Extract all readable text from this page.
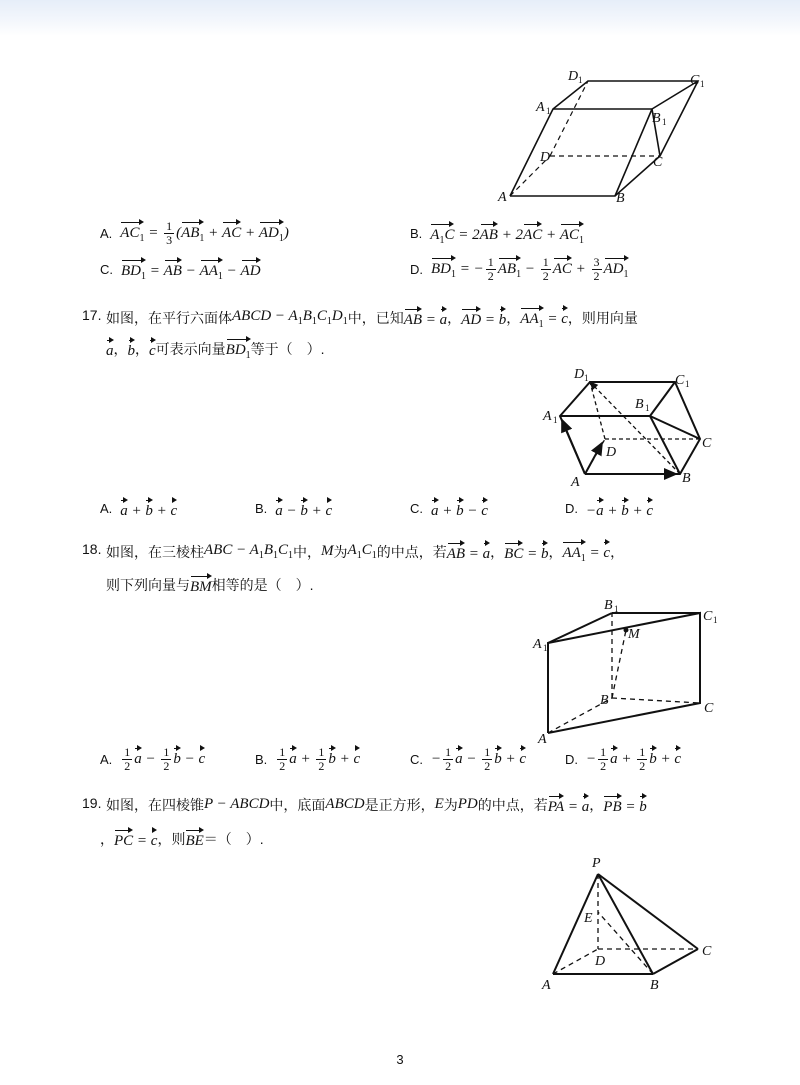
A	B
C
D
A 1	B 1
C 1
D 1
A. $AC_1 = \frac{1}{3} (AB_1$ + AC + $AD_1$)	B. $A_1C = 2AB + 2AC + AC_1$
C. $BD_1$ = AB − $AA_1$ − AD	D. $BD_1$ = − $\frac{1}{2} AB_1 - \frac{1}{2}$ AC + $\frac{3}{2} AD_1$
17. 如图，在平行六面体 ABCD − $A_1B_1C_1D_1$ 中，已知 AB = a ， AD = b ， $AA_1 = c$ ，则用向量
a ， b ， c 可表示向量 $BD_1$ 等于（　）.
A	B
C
D
A 1
B 1
C 1
D 1
A. a + b + c	B. a − b + c	C. a + b − c	D. −a + b + c
18. 如图，在三棱柱 ABC − $A_1B_1C_1$ 中， M 为 $A_1C_1$ 的中点，若 AB = a ， BC = b ， $AA_1 = c$ ，
则下列向量与 BM 相等的是（　）.
A
B
C
M
A 1
B 1	C 1
A. $\frac{1}{2}$ $a - \frac{1}{2}$ b − c	B. $\frac{1}{2}$ $a + \frac{1}{2}$ b + c	C. − $\frac{1}{2}$ $a - \frac{1}{2}$ b + c	D. − $\frac{1}{2}$ $a + \frac{1}{2}$ b + c
19. 如图，在四棱锥 P − ABCD 中，底面 ABCD 是正方形， E 为 PD 的中点，若 PA = a ， PB = b
， PC = c ，则 BE ＝（　）.
P
E
D
A	B
C
3
